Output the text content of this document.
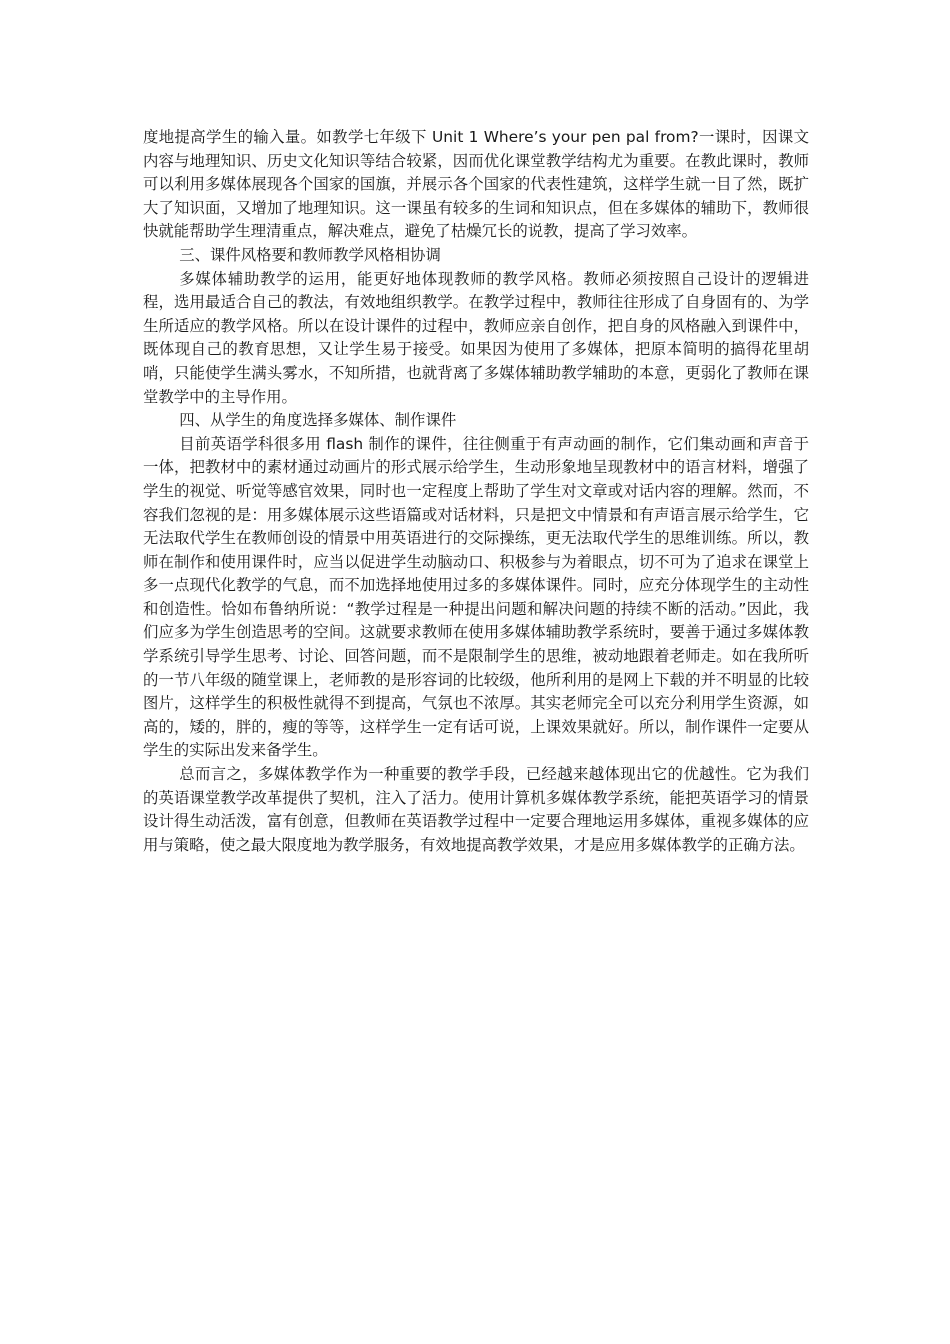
度地提高学生的输入量。如教学七年级下 Unit 1 Where’s your pen pal from?一课时，因课文内容与地理知识、历史文化知识等结合较紧，因而优化课堂教学结构尤为重要。在教此课时，教师可以利用多媒体展现各个国家的国旗，并展示各个国家的代表性建筑，这样学生就一目了然，既扩大了知识面，又增加了地理知识。这一课虽有较多的生词和知识点，但在多媒体的辅助下，教师很快就能帮助学生理清重点，解决难点，避免了枯燥冗长的说教，提高了学习效率。

三、课件风格要和教师教学风格相协调

多媒体辅助教学的运用，能更好地体现教师的教学风格。教师必须按照自己设计的逻辑进程，选用最适合自己的教法，有效地组织教学。在教学过程中，教师往往形成了自身固有的、为学生所适应的教学风格。所以在设计课件的过程中，教师应亲自创作，把自身的风格融入到课件中，既体现自己的教育思想，又让学生易于接受。如果因为使用了多媒体，把原本简明的搞得花里胡哨，只能使学生满头雾水，不知所措，也就背离了多媒体辅助教学辅助的本意，更弱化了教师在课堂教学中的主导作用。

四、从学生的角度选择多媒体、制作课件

目前英语学科很多用 flash 制作的课件，往往侧重于有声动画的制作，它们集动画和声音于一体，把教材中的素材通过动画片的形式展示给学生，生动形象地呈现教材中的语言材料，增强了学生的视觉、听觉等感官效果，同时也一定程度上帮助了学生对文章或对话内容的理解。然而，不容我们忽视的是：用多媒体展示这些语篇或对话材料，只是把文中情景和有声语言展示给学生，它无法取代学生在教师创设的情景中用英语进行的交际操练，更无法取代学生的思维训练。所以，教师在制作和使用课件时，应当以促进学生动脑动口、积极参与为着眼点，切不可为了追求在课堂上多一点现代化教学的气息，而不加选择地使用过多的多媒体课件。同时，应充分体现学生的主动性和创造性。恰如布鲁纳所说：“教学过程是一种提出问题和解决问题的持续不断的活动。”因此，我们应多为学生创造思考的空间。这就要求教师在使用多媒体辅助教学系统时，要善于通过多媒体教学系统引导学生思考、讨论、回答问题，而不是限制学生的思维，被动地跟着老师走。如在我所听的一节八年级的随堂课上，老师教的是形容词的比较级，他所利用的是网上下载的并不明显的比较图片，这样学生的积极性就得不到提高，气氛也不浓厚。其实老师完全可以充分利用学生资源，如高的，矮的，胖的，瘦的等等，这样学生一定有话可说，上课效果就好。所以，制作课件一定要从学生的实际出发来备学生。

总而言之，多媒体教学作为一种重要的教学手段，已经越来越体现出它的优越性。它为我们的英语课堂教学改革提供了契机，注入了活力。使用计算机多媒体教学系统，能把英语学习的情景设计得生动活泼，富有创意，但教师在英语教学过程中一定要合理地运用多媒体，重视多媒体的应用与策略，使之最大限度地为教学服务，有效地提高教学效果，才是应用多媒体教学的正确方法。
